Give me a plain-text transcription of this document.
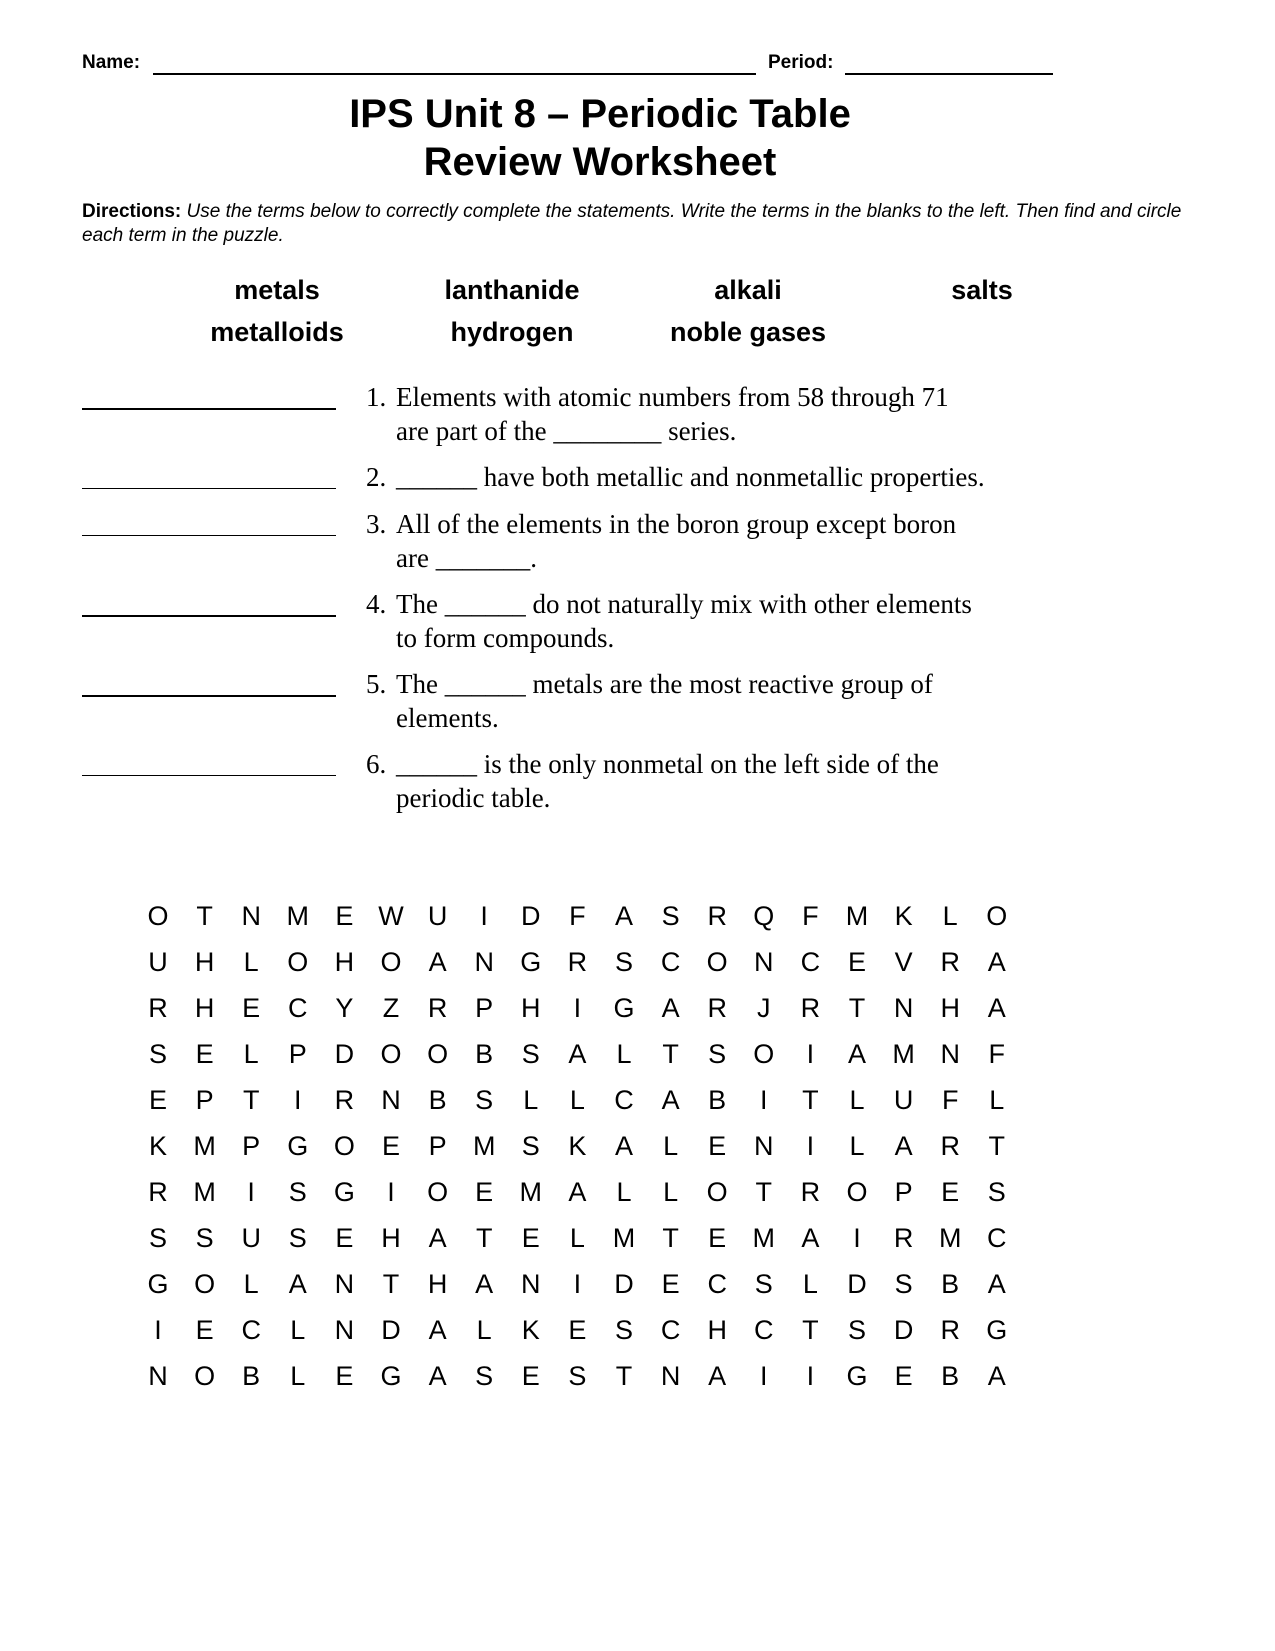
Name:	Period:
IPS Unit 8 – Periodic Table
Review Worksheet
Directions: Use the terms below to correctly complete the statements. Write the terms in the blanks to the left. Then find and circle each term in the puzzle.
metals	lanthanide	alkali	salts
metalloids	hydrogen	noble gases
1. Elements with atomic numbers from 58 through 71
are part of the ________ series.
2. ______ have both metallic and nonmetallic properties.
3. All of the elements in the boron group except boron
are _______.
4. The ______ do not naturally mix with other elements
to form compounds.
5. The ______ metals are the most reactive group of
elements.
6. ______ is the only nonmetal on the left side of the
periodic table.
O	T	N M E W U	I	D	F	A	S	R Q	F	M K	L	O
U	H	L	O H O	A	N G R	S	C O N	C	E	V	R	A
R	H	E	C	Y	Z	R	P	H	I	G	A	R	J	R	T	N	H	A
S	E	L	P	D O O	B	S	A	L	T	S	O	I	A M N	F
E	P	T	I	R	N	B	S	L	L	C	A	B	I	T	L	U	F	L
K M P	G O	E	P M S	K	A	L	E	N	I	L	A	R	T
R M	I	S	G	I	O	E M A	L	L	O	T	R O	P	E	S
S	S	U	S	E	H	A	T	E	L	M	T	E M A	I	R M C
G O	L	A	N	T	H	A	N	I	D	E	C	S	L	D	S	B	A
I	E	C	L	N	D	A	L	K	E	S	C	H	C	T	S	D	R G
N O	B	L	E	G	A	S	E	S	T	N	A	I	I	G	E	B	A
